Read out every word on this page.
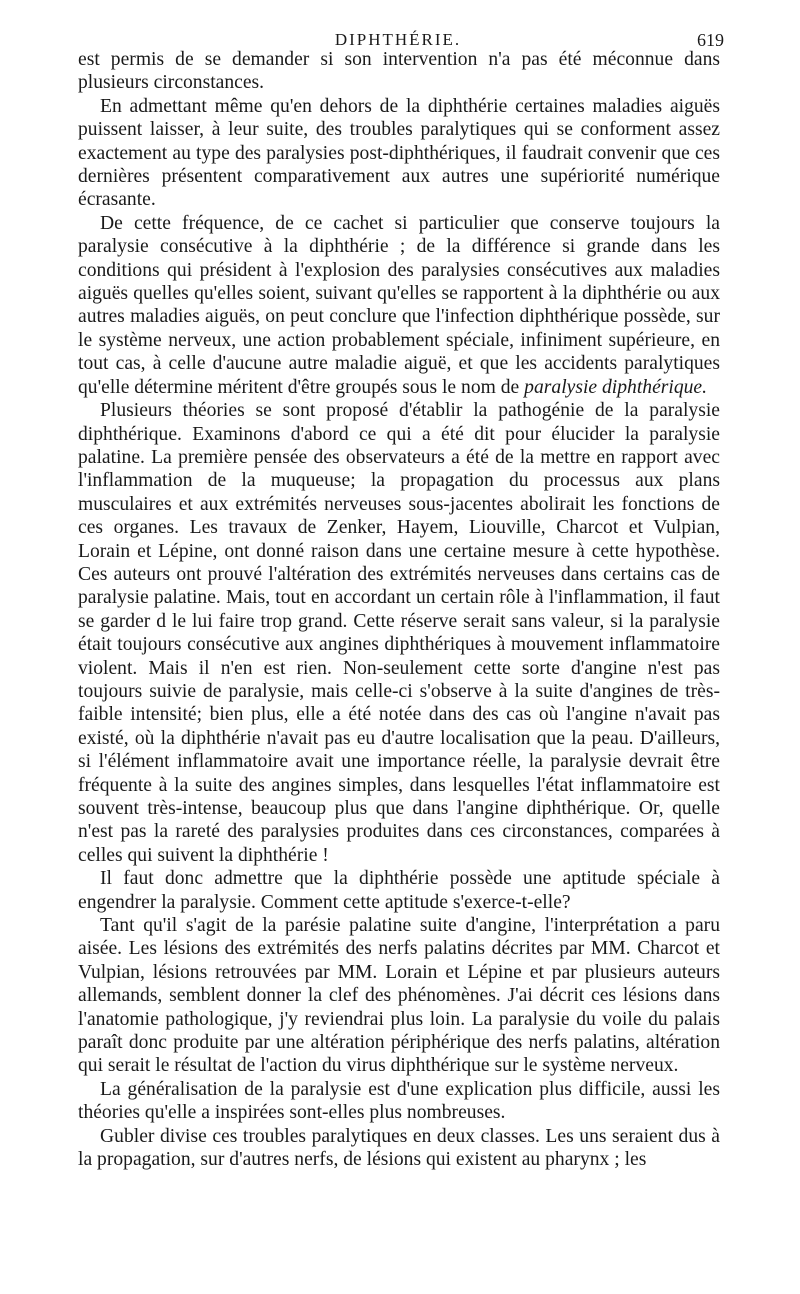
DIPHTHÉRIE.	619

est permis de se demander si son intervention n'a pas été méconnue dans plusieurs circonstances.

En admettant même qu'en dehors de la diphthérie certaines maladies aiguës puissent laisser, à leur suite, des troubles paralytiques qui se conforment assez exactement au type des paralysies post-diphthériques, il faudrait convenir que ces dernières présentent comparativement aux autres une supériorité numérique écrasante.

De cette fréquence, de ce cachet si particulier que conserve toujours la paralysie consécutive à la diphthérie ; de la différence si grande dans les conditions qui président à l'explosion des paralysies consécutives aux maladies aiguës quelles qu'elles soient, suivant qu'elles se rapportent à la diphthérie ou aux autres maladies aiguës, on peut conclure que l'infection diphthérique possède, sur le système nerveux, une action probablement spéciale, infiniment supérieure, en tout cas, à celle d'aucune autre maladie aiguë, et que les accidents paralytiques qu'elle détermine méritent d'être groupés sous le nom de paralysie diphthérique.

Plusieurs théories se sont proposé d'établir la pathogénie de la paralysie diphthérique. Examinons d'abord ce qui a été dit pour élucider la paralysie palatine. La première pensée des observateurs a été de la mettre en rapport avec l'inflammation de la muqueuse; la propagation du processus aux plans musculaires et aux extrémités nerveuses sous-jacentes abolirait les fonctions de ces organes. Les travaux de Zenker, Hayem, Liouville, Charcot et Vulpian, Lorain et Lépine, ont donné raison dans une certaine mesure à cette hypothèse. Ces auteurs ont prouvé l'altération des extrémités nerveuses dans certains cas de paralysie palatine. Mais, tout en accordant un certain rôle à l'inflammation, il faut se garder d le lui faire trop grand. Cette réserve serait sans valeur, si la paralysie était toujours consécutive aux angines diphthériques à mouvement inflammatoire violent. Mais il n'en est rien. Non-seulement cette sorte d'angine n'est pas toujours suivie de paralysie, mais celle-ci s'observe à la suite d'angines de très-faible intensité; bien plus, elle a été notée dans des cas où l'angine n'avait pas existé, où la diphthérie n'avait pas eu d'autre localisation que la peau. D'ailleurs, si l'élément inflammatoire avait une importance réelle, la paralysie devrait être fréquente à la suite des angines simples, dans lesquelles l'état inflammatoire est souvent très-intense, beaucoup plus que dans l'angine diphthérique. Or, quelle n'est pas la rareté des paralysies produites dans ces circonstances, comparées à celles qui suivent la diphthérie !

Il faut donc admettre que la diphthérie possède une aptitude spéciale à engendrer la paralysie. Comment cette aptitude s'exerce-t-elle?

Tant qu'il s'agit de la parésie palatine suite d'angine, l'interprétation a paru aisée. Les lésions des extrémités des nerfs palatins décrites par MM. Charcot et Vulpian, lésions retrouvées par MM. Lorain et Lépine et par plusieurs auteurs allemands, semblent donner la clef des phénomènes. J'ai décrit ces lésions dans l'anatomie pathologique, j'y reviendrai plus loin. La paralysie du voile du palais paraît donc produite par une altération périphérique des nerfs palatins, altération qui serait le résultat de l'action du virus diphthérique sur le système nerveux.

La généralisation de la paralysie est d'une explication plus difficile, aussi les théories qu'elle a inspirées sont-elles plus nombreuses.

Gubler divise ces troubles paralytiques en deux classes. Les uns seraient dus à la propagation, sur d'autres nerfs, de lésions qui existent au pharynx ; les
